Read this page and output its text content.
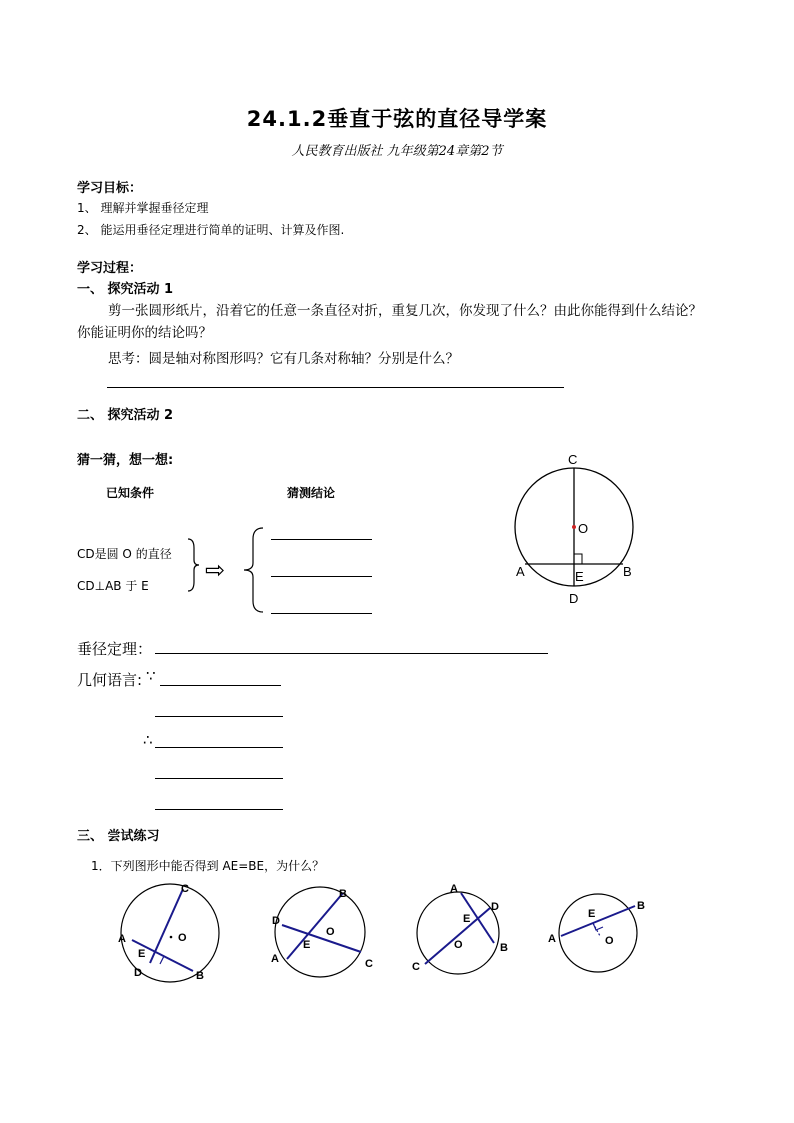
24.1.2垂直于弦的直径导学案
人民教育出版社 九年级第24章第2节
学习目标：
1、 理解并掌握垂径定理
2、 能运用垂径定理进行简单的证明、计算及作图.
学习过程：
一、 探究活动 1
剪一张圆形纸片，沿着它的任意一条直径对折，重复几次，你发现了什么？由此你能得到什么结论？
你能证明你的结论吗？
思考：圆是轴对称图形吗？它有几条对称轴？分别是什么？
二、 探究活动 2
猜一猜，想一想:
已知条件	猜测结论
CD是圆 O 的直径
CD⊥AB 于 E
⇨
C
O
A	E	B
D
垂径定理：
几何语言: ∵
∴
三、 尝试练习
1．下列图形中能否得到 AE=BE，为什么？
C
A	O
E
D	B
B
D
O
E
A	C
A
D
E
O	B
C
B
E
A	O
